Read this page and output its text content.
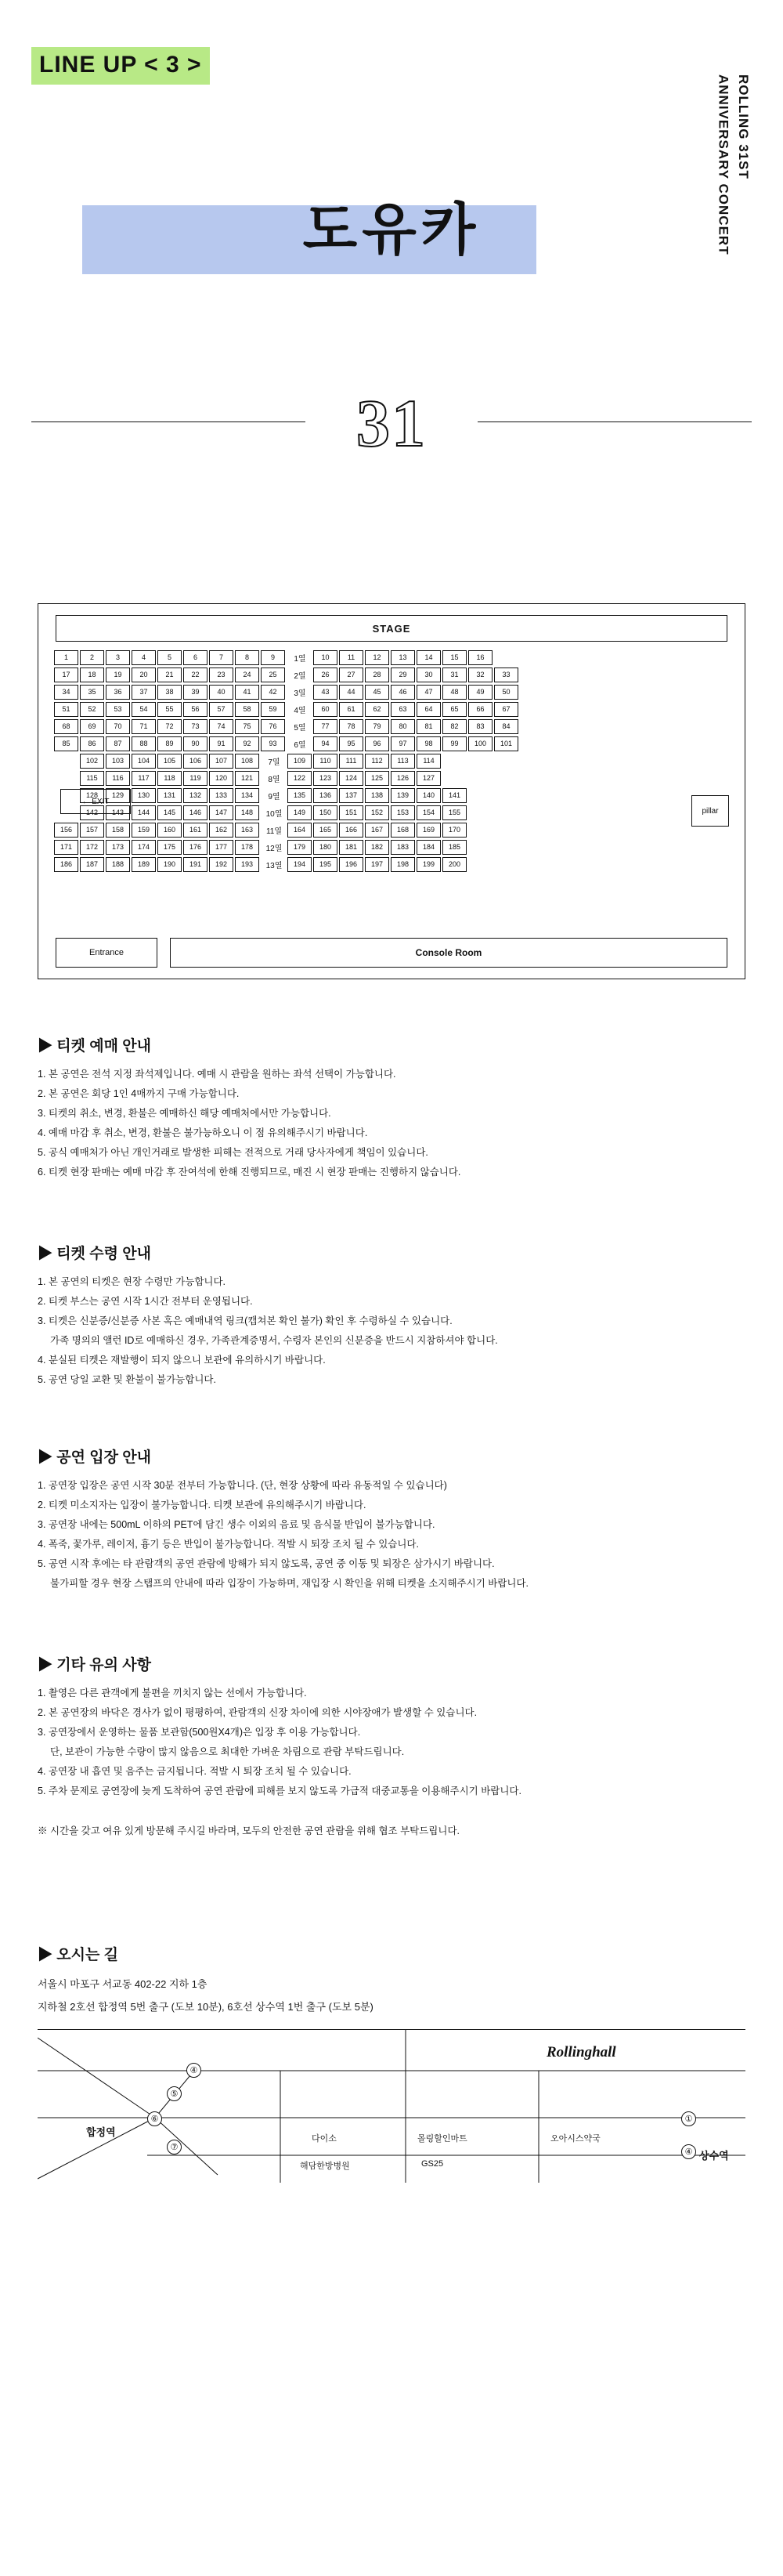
LINE UP < 3 >
ROLLING 31ST
ANNIVERSARY CONCERT
도유카
31
STAGE
1	2	3	4	5	6	7	8	9	1열	10	11	12	13	14	15	16
17	18	19	20	21	22	23	24	25	2열	26	27	28	29	30	31	32	33
34	35	36	37	38	39	40	41	42	3열	43	44	45	46	47	48	49	50
51	52	53	54	55	56	57	58	59	4열	60	61	62	63	64	65	66	67
68	69	70	71	72	73	74	75	76	5열	77	78	79	80	81	82	83	84
85	86	87	88	89	90	91	92	93	6열	94	95	96	97	98	99	100	101
102	103	104	105	106	107	108	7열	109	110	111	112	113	114
115	116	117	118	119	120	121	8열	122	123	124	125	126	127
128	129	130	131	132	133	134	9열	135	136	137	138	139	140	141
142	143	144	145	146	147	148	10열	149	150	151	152	153	154	155
156	157	158	159	160	161	162	163	11열	164	165	166	167	168	169	170
171	172	173	174	175	176	177	178	12열	179	180	181	182	183	184	185
186	187	188	189	190	191	192	193	13열	194	195	196	197	198	199	200
← EXIT
pillar
Entrance	Console Room
▶ 티켓 예매 안내
1. 본 공연은 전석 지정 좌석제입니다. 예매 시 관람을 원하는 좌석 선택이 가능합니다.
2. 본 공연은 회당 1인 4매까지 구매 가능합니다.
3. 티켓의 취소, 변경, 환불은 예매하신 해당 예매처에서만 가능합니다.
4. 예매 마감 후 취소, 변경, 환불은 불가능하오니 이 점 유의해주시기 바랍니다.
5. 공식 예매처가 아닌 개인거래로 발생한 피해는 전적으로 거래 당사자에게 책임이 있습니다.
6. 티켓 현장 판매는 예매 마감 후 잔여석에 한해 진행되므로, 매진 시 현장 판매는 진행하지 않습니다.
▶ 티켓 수령 안내
1. 본 공연의 티켓은 현장 수령만 가능합니다.
2. 티켓 부스는 공연 시작 1시간 전부터 운영됩니다.
3. 티켓은 신분증/신분증 사본 혹은 예매내역 링크(캡쳐본 확인 불가) 확인 후 수령하실 수 있습니다.
가족 명의의 앨런 ID로 예매하신 경우, 가족관계증명서, 수령자 본인의 신분증을 반드시 지참하셔야 합니다.
4. 분실된 티켓은 재발행이 되지 않으니 보관에 유의하시기 바랍니다.
5. 공연 당일 교환 및 환불이 불가능합니다.
▶ 공연 입장 안내
1. 공연장 입장은 공연 시작 30분 전부터 가능합니다. (단, 현장 상황에 따라 유동적일 수 있습니다)
2. 티켓 미소지자는 입장이 불가능합니다. 티켓 보관에 유의해주시기 바랍니다.
3. 공연장 내에는 500mL 이하의 PET에 담긴 생수 이외의 음료 및 음식물 반입이 불가능합니다.
4. 폭죽, 꽃가루, 레이저, 흉기 등은 반입이 불가능합니다. 적발 시 퇴장 조치 될 수 있습니다.
5. 공연 시작 후에는 타 관람객의 공연 관람에 방해가 되지 않도록, 공연 중 이동 및 퇴장은 삼가시기 바랍니다.
불가피할 경우 현장 스탭프의 안내에 따라 입장이 가능하며, 재입장 시 확인을 위해 티켓을 소지해주시기 바랍니다.
▶ 기타 유의 사항
1. 촬영은 다른 관객에게 불편을 끼치지 않는 선에서 가능합니다.
2. 본 공연장의 바닥은 경사가 없이 평평하여, 관람객의 신장 차이에 의한 시야장애가 발생할 수 있습니다.
3. 공연장에서 운영하는 물품 보관함(500원X4개)은 입장 후 이용 가능합니다.
단, 보관이 가능한 수량이 많지 않음으로 최대한 가벼운 차림으로 관람 부탁드립니다.
4. 공연장 내 흡연 및 음주는 금지됩니다. 적발 시 퇴장 조치 될 수 있습니다.
5. 주차 문제로 공연장에 늦게 도착하여 공연 관람에 피해를 보지 않도록 가급적 대중교통을 이용해주시기 바랍니다.
※ 시간을 갖고 여유 있게 방문해 주시길 바라며, 모두의 안전한 공연 관람을 위해 협조 부탁드립니다.
▶ 오시는 길
서울시 마포구 서교동 402-22 지하 1층
지하철 2호선 합정역 5번 출구 (도보 10분), 6호선 상수역 1번 출구 (도보 5분)
Rollinghall
합정역
상수역
④
⑤
⑥
⑦
①
④
다이소	몰링할인마트	오아시스약국
해담한방병원	GS25
